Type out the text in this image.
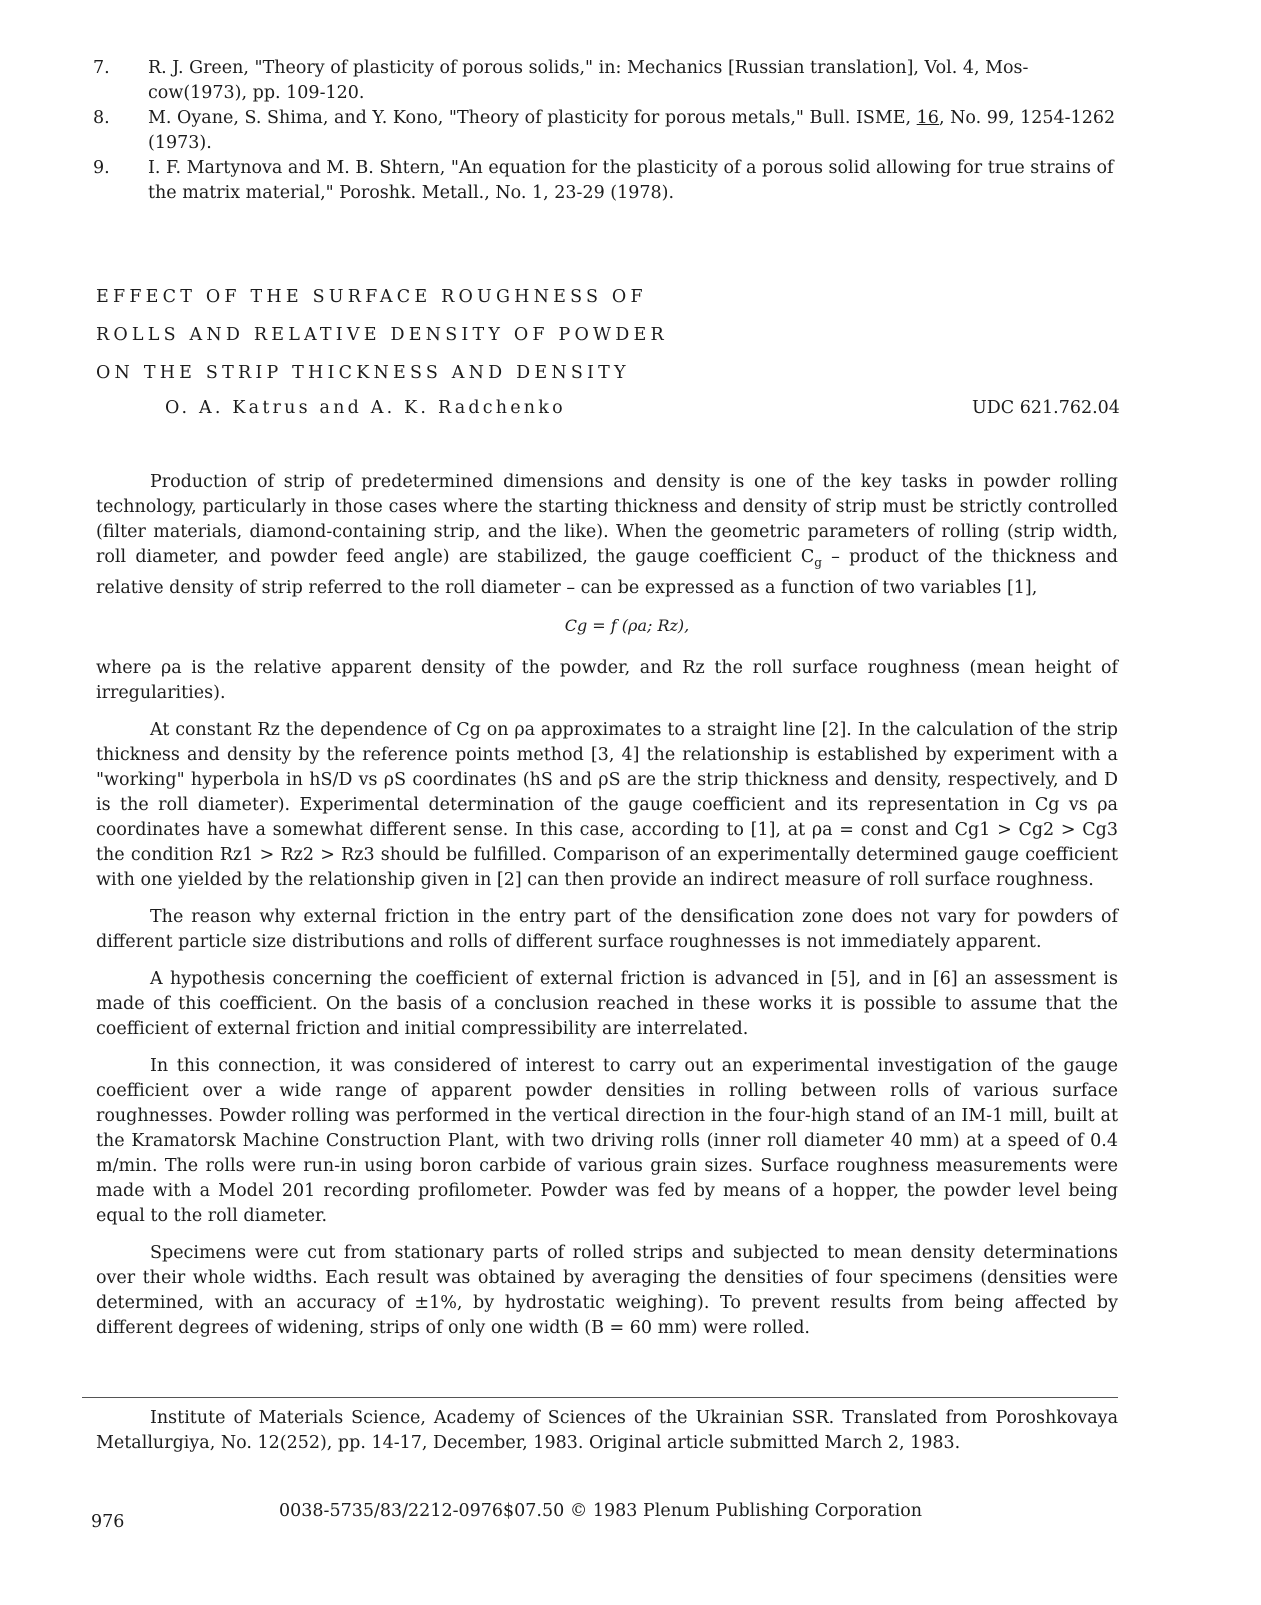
7.	R. J. Green, "Theory of plasticity of porous solids," in: Mechanics [Russian translation], Vol. 4, Mos-cow(1973), pp. 109-120.
8.	M. Oyane, S. Shima, and Y. Kono, "Theory of plasticity for porous metals," Bull. ISME, 16, No. 99, 1254-1262 (1973).
9.	I. F. Martynova and M. B. Shtern, "An equation for the plasticity of a porous solid allowing for true strains of the matrix material," Poroshk. Metall., No. 1, 23-29 (1978).
EFFECT OF THE SURFACE ROUGHNESS OF
ROLLS AND RELATIVE DENSITY OF POWDER
ON THE STRIP THICKNESS AND DENSITY
O. A. Katrus and A. K. Radchenko	UDC 621.762.04

Production of strip of predetermined dimensions and density is one of the key tasks in powder rolling technology, particularly in those cases where the starting thickness and density of strip must be strictly controlled (filter materials, diamond-containing strip, and the like). When the geometric parameters of rolling (strip width, roll diameter, and powder feed angle) are stabilized, the gauge coefficient $C_g$ – product of the thickness and relative density of strip referred to the roll diameter – can be expressed as a function of two variables [1],

Cg = f (ρa; Rz),

where ρa is the relative apparent density of the powder, and Rz the roll surface roughness (mean height of irregularities).

At constant Rz the dependence of Cg on ρa approximates to a straight line [2]. In the calculation of the strip thickness and density by the reference points method [3, 4] the relationship is established by experiment with a "working" hyperbola in hS/D vs ρS coordinates (hS and ρS are the strip thickness and density, respectively, and D is the roll diameter). Experimental determination of the gauge coefficient and its representation in Cg vs ρa coordinates have a somewhat different sense. In this case, according to [1], at ρa = const and Cg1 > Cg2 > Cg3 the condition Rz1 > Rz2 > Rz3 should be fulfilled. Comparison of an experimentally determined gauge coefficient with one yielded by the relationship given in [2] can then provide an indirect measure of roll surface roughness.

The reason why external friction in the entry part of the densification zone does not vary for powders of different particle size distributions and rolls of different surface roughnesses is not immediately apparent.

A hypothesis concerning the coefficient of external friction is advanced in [5], and in [6] an assessment is made of this coefficient. On the basis of a conclusion reached in these works it is possible to assume that the coefficient of external friction and initial compressibility are interrelated.

In this connection, it was considered of interest to carry out an experimental investigation of the gauge coefficient over a wide range of apparent powder densities in rolling between rolls of various surface roughnesses. Powder rolling was performed in the vertical direction in the four-high stand of an IM-1 mill, built at the Kramatorsk Machine Construction Plant, with two driving rolls (inner roll diameter 40 mm) at a speed of 0.4 m/min. The rolls were run-in using boron carbide of various grain sizes. Surface roughness measurements were made with a Model 201 recording profilometer. Powder was fed by means of a hopper, the powder level being equal to the roll diameter.

Specimens were cut from stationary parts of rolled strips and subjected to mean density determinations over their whole widths. Each result was obtained by averaging the densities of four specimens (densities were determined, with an accuracy of ±1%, by hydrostatic weighing). To prevent results from being affected by different degrees of widening, strips of only one width (B = 60 mm) were rolled.

Institute of Materials Science, Academy of Sciences of the Ukrainian SSR. Translated from Poroshkovaya Metallurgiya, No. 12(252), pp. 14-17, December, 1983. Original article submitted March 2, 1983.
976
0038-5735/83/2212-0976$07.50 © 1983 Plenum Publishing Corporation
